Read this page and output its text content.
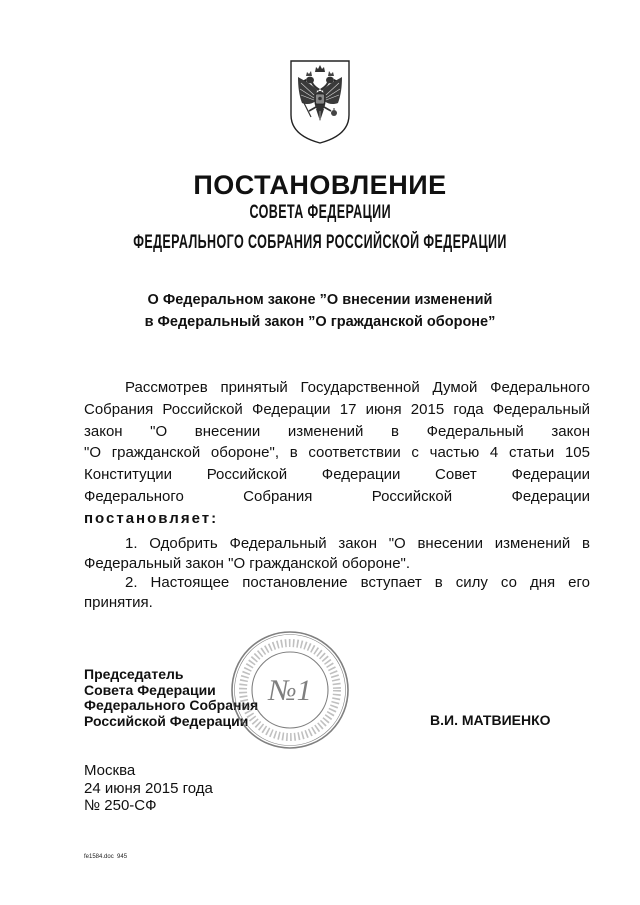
ПОСТАНОВЛЕНИЕ
СОВЕТА ФЕДЕРАЦИИ
ФЕДЕРАЛЬНОГО СОБРАНИЯ РОССИЙСКОЙ ФЕДЕРАЦИИ
О Федеральном законе ”О внесении изменений
в Федеральный закон ”О гражданской обороне”
Рассмотрев принятый Государственной Думой Федерального
Собрания Российской Федерации 17 июня 2015 года Федеральный
закон "О внесении изменений в Федеральный закон
"О гражданской обороне", в соответствии с частью 4 статьи 105
Конституции Российской Федерации Совет Федерации
Федерального Собрания Российской Федерации
постановляет:
1. Одобрить Федеральный закон "О внесении изменений в
Федеральный закон "О гражданской обороне".
2. Настоящее постановление вступает в силу со дня его
принятия.
Председатель
Совета Федерации
Федерального Собрания
Российской Федерации	В.И. МАТВИЕНКО
№1
Москва
24 июня 2015 года
№ 250-СФ
fe1584.doc  945
